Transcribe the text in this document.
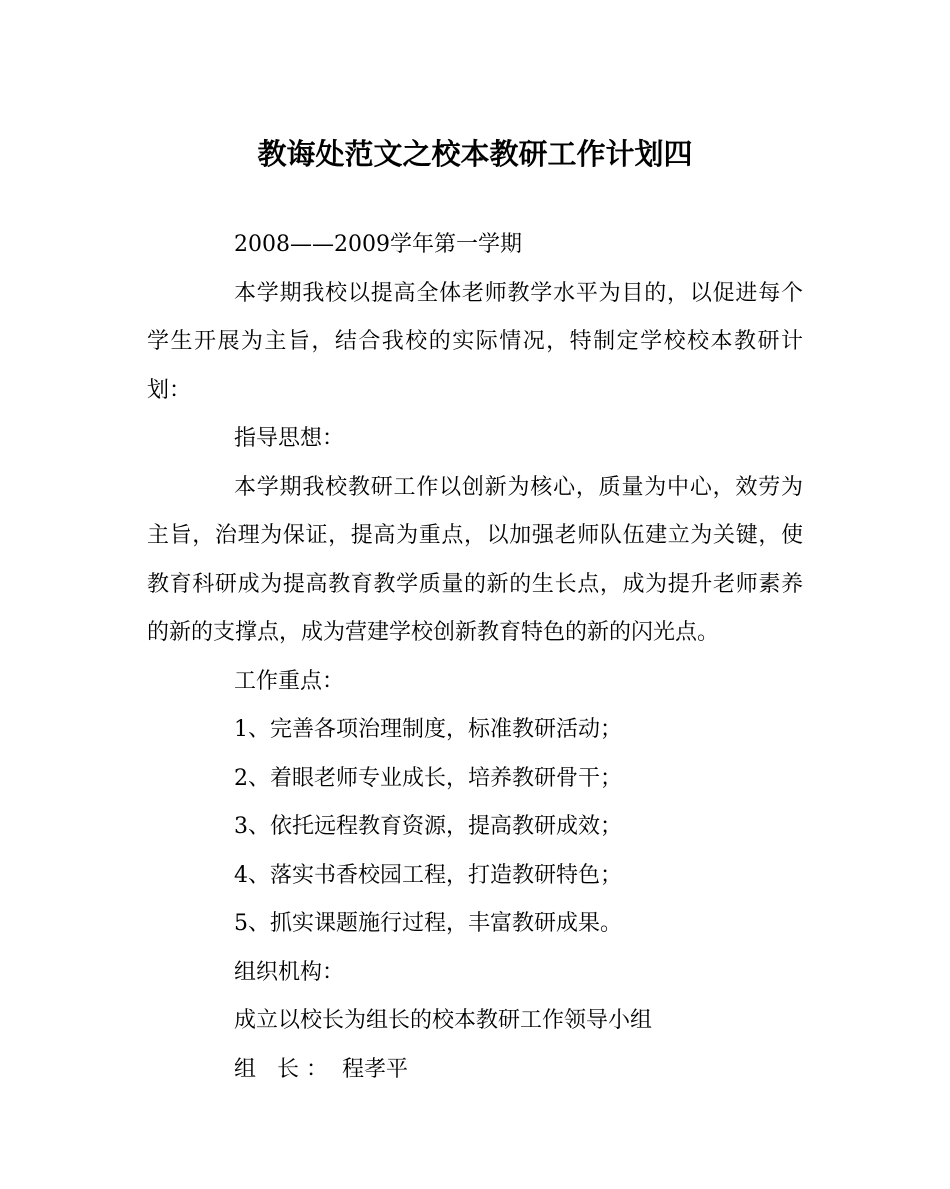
教诲处范文之校本教研工作计划四

2008——2009学年第一学期

本学期我校以提高全体老师教学水平为目的，以促进每个学生开展为主旨，结合我校的实际情况，特制定学校校本教研计划：

指导思想：

本学期我校教研工作以创新为核心，质量为中心，效劳为主旨，治理为保证，提高为重点，以加强老师队伍建立为关键，使教育科研成为提高教育教学质量的新的生长点，成为提升老师素养的新的支撑点，成为营建学校创新教育特色的新的闪光点。

工作重点：

1、完善各项治理制度，标准教研活动；

2、着眼老师专业成长，培养教研骨干；

3、依托远程教育资源，提高教研成效；

4、落实书香校园工程，打造教研特色；

5、抓实课题施行过程，丰富教研成果。

组织机构：

成立以校长为组长的校本教研工作领导小组

组   长 ：  程孝平
